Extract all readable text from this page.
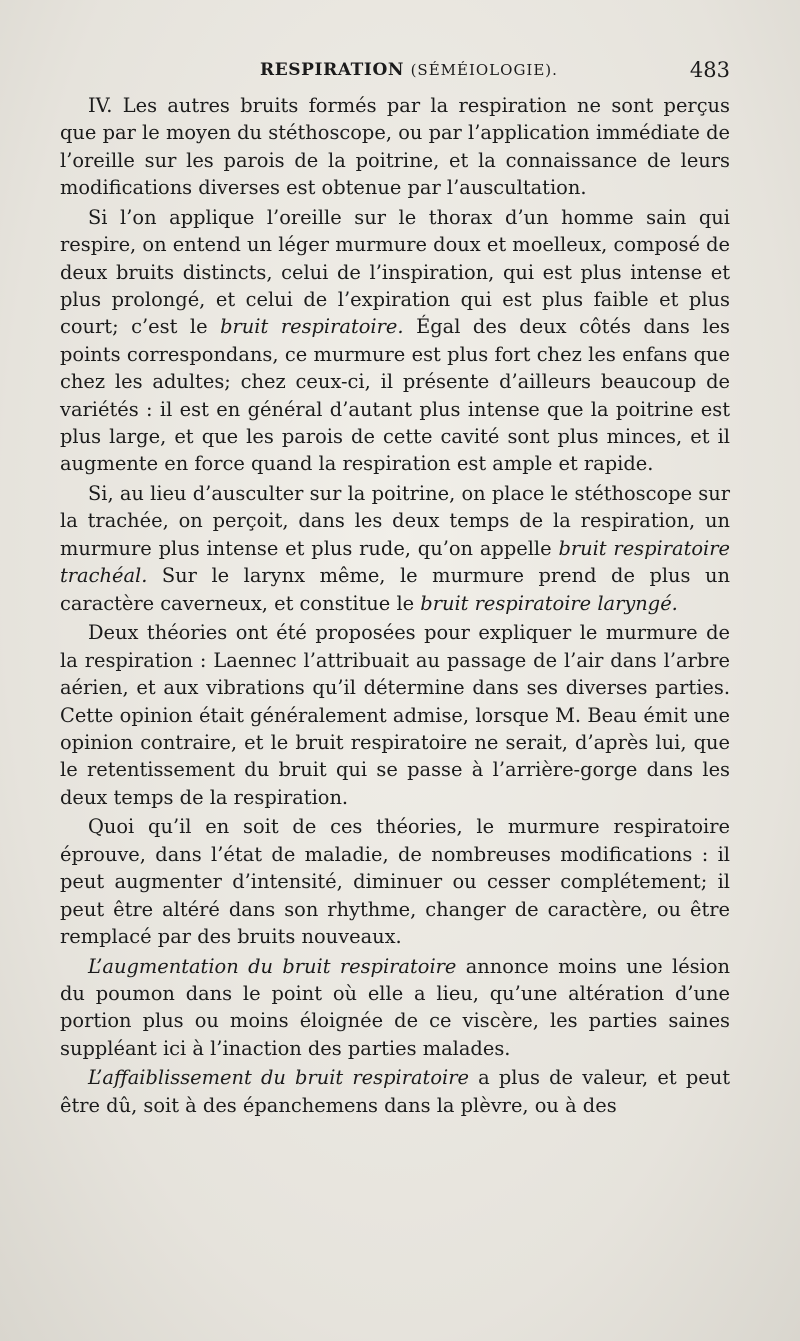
RESPIRATION (SÉMÉIOLOGIE).	483

IV. Les autres bruits formés par la respiration ne sont perçus que par le moyen du stéthoscope, ou par l’application immédiate de l’oreille sur les parois de la poitrine, et la connaissance de leurs modifications diverses est obtenue par l’auscultation.

Si l’on applique l’oreille sur le thorax d’un homme sain qui respire, on entend un léger murmure doux et moelleux, composé de deux bruits distincts, celui de l’inspiration, qui est plus intense et plus prolongé, et celui de l’expiration qui est plus faible et plus court; c’est le bruit respiratoire. Égal des deux côtés dans les points correspondans, ce murmure est plus fort chez les enfans que chez les adultes; chez ceux-ci, il présente d’ailleurs beaucoup de variétés : il est en général d’autant plus intense que la poitrine est plus large, et que les parois de cette cavité sont plus minces, et il augmente en force quand la respiration est ample et rapide.

Si, au lieu d’ausculter sur la poitrine, on place le stéthoscope sur la trachée, on perçoit, dans les deux temps de la respiration, un murmure plus intense et plus rude, qu’on appelle bruit respiratoire trachéal. Sur le larynx même, le murmure prend de plus un caractère caverneux, et constitue le bruit respiratoire laryngé.

Deux théories ont été proposées pour expliquer le murmure de la respiration : Laennec l’attribuait au passage de l’air dans l’arbre aérien, et aux vibrations qu’il détermine dans ses diverses parties. Cette opinion était généralement admise, lorsque M. Beau émit une opinion contraire, et le bruit respiratoire ne serait, d’après lui, que le retentissement du bruit qui se passe à l’arrière-gorge dans les deux temps de la respiration.

Quoi qu’il en soit de ces théories, le murmure respiratoire éprouve, dans l’état de maladie, de nombreuses modifications : il peut augmenter d’intensité, diminuer ou cesser complétement; il peut être altéré dans son rhythme, changer de caractère, ou être remplacé par des bruits nouveaux.

L’augmentation du bruit respiratoire annonce moins une lésion du poumon dans le point où elle a lieu, qu’une altération d’une portion plus ou moins éloignée de ce viscère, les parties saines suppléant ici à l’inaction des parties malades.

L’affaiblissement du bruit respiratoire a plus de valeur, et peut être dû, soit à des épanchemens dans la plèvre, ou à des
